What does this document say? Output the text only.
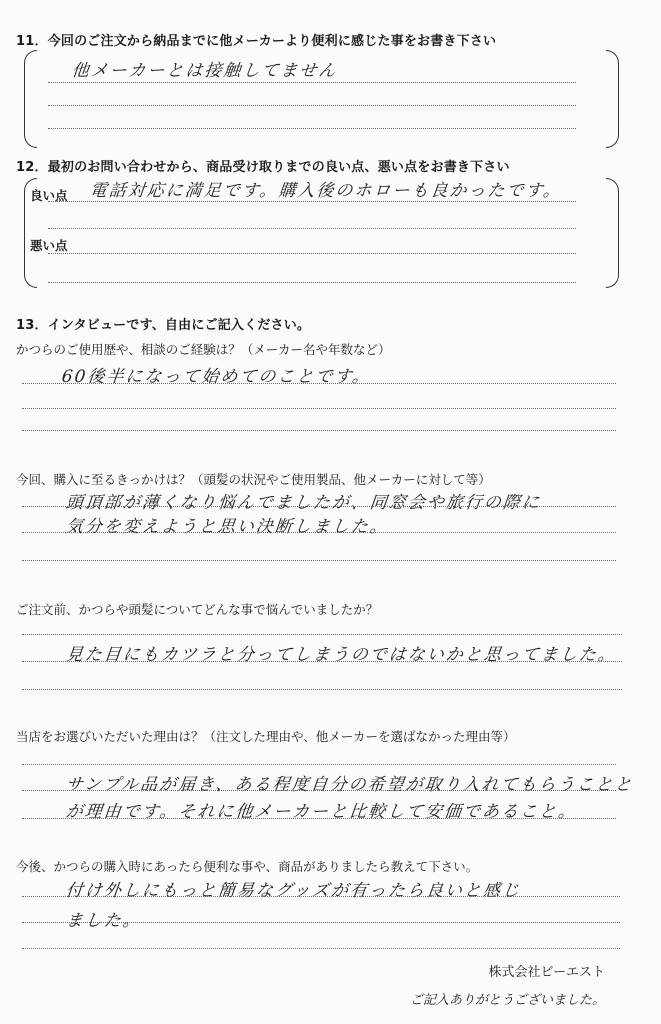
11．今回のご注文から納品までに他メーカーより便利に感じた事をお書き下さい
他メーカーとは接触してません
12．最初のお問い合わせから、商品受け取りまでの良い点、悪い点をお書き下さい
良い点 電話対応に満足です。購入後のホローも良かったです。
悪い点
13．インタビューです、自由にご記入ください。
かつらのご使用歴や、相談のご経験は？（メーカー名や年数など）
60後半になって始めてのことです。
今回、購入に至るきっかけは？（頭髪の状況やご使用製品、他メーカーに対して等）
頭頂部が薄くなり悩んでましたが、同窓会や旅行の際に
気分を変えようと思い決断しました。
ご注文前、かつらや頭髪についてどんな事で悩んでいましたか？
見た目にもカツラと分ってしまうのではないかと思ってました。
当店をお選びいただいた理由は？（注文した理由や、他メーカーを選ばなかった理由等）
サンプル品が届き、ある程度自分の希望が取り入れてもらうことと
が理由です。それに他メーカーと比較して安価であること。
今後、かつらの購入時にあったら便利な事や、商品がありましたら教えて下さい。
付け外しにもっと簡易なグッズが有ったら良いと感じ
ました。
株式会社ビーエスト
ご記入ありがとうございました。
